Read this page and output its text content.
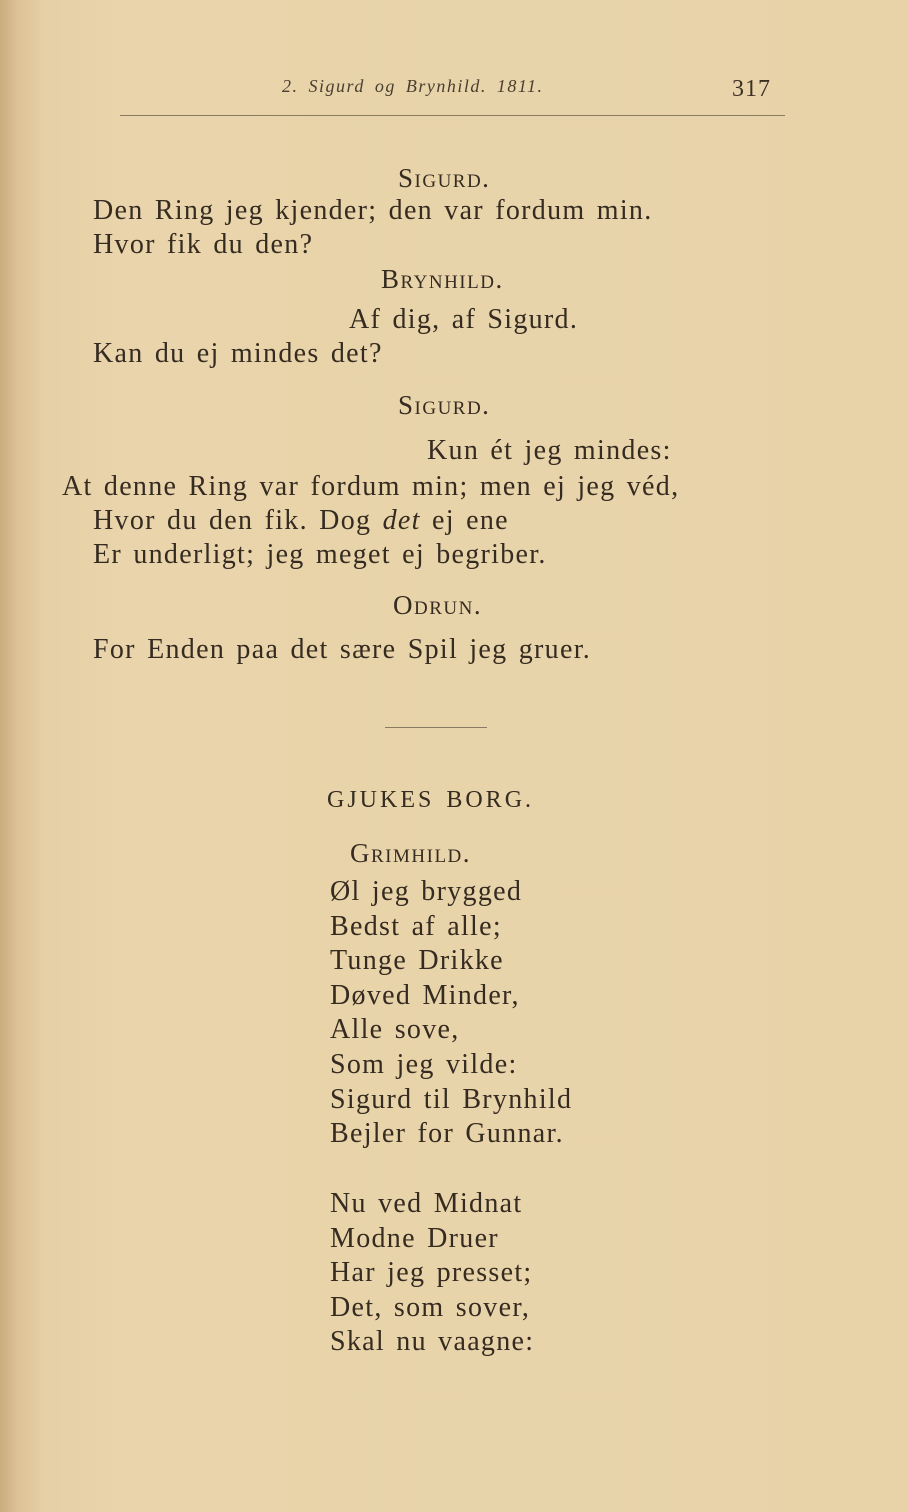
2. Sigurd og Brynhild. 1811.	317
Sigurd.
Den Ring jeg kjender; den var fordum min.
Hvor fik du den?
Brynhild.
Af dig, af Sigurd.
Kan du ej mindes det?
Sigurd.
Kun ét jeg mindes:
At denne Ring var fordum min; men ej jeg véd,
Hvor du den fik. Dog det ej ene
Er underligt; jeg meget ej begriber.
Odrun.
For Enden paa det sære Spil jeg gruer.
GJUKES BORG.
Grimhild.
Øl jeg brygged
Bedst af alle;
Tunge Drikke
Døved Minder,
Alle sove,
Som jeg vilde:
Sigurd til Brynhild
Bejler for Gunnar.
Nu ved Midnat
Modne Druer
Har jeg presset;
Det, som sover,
Skal nu vaagne:
